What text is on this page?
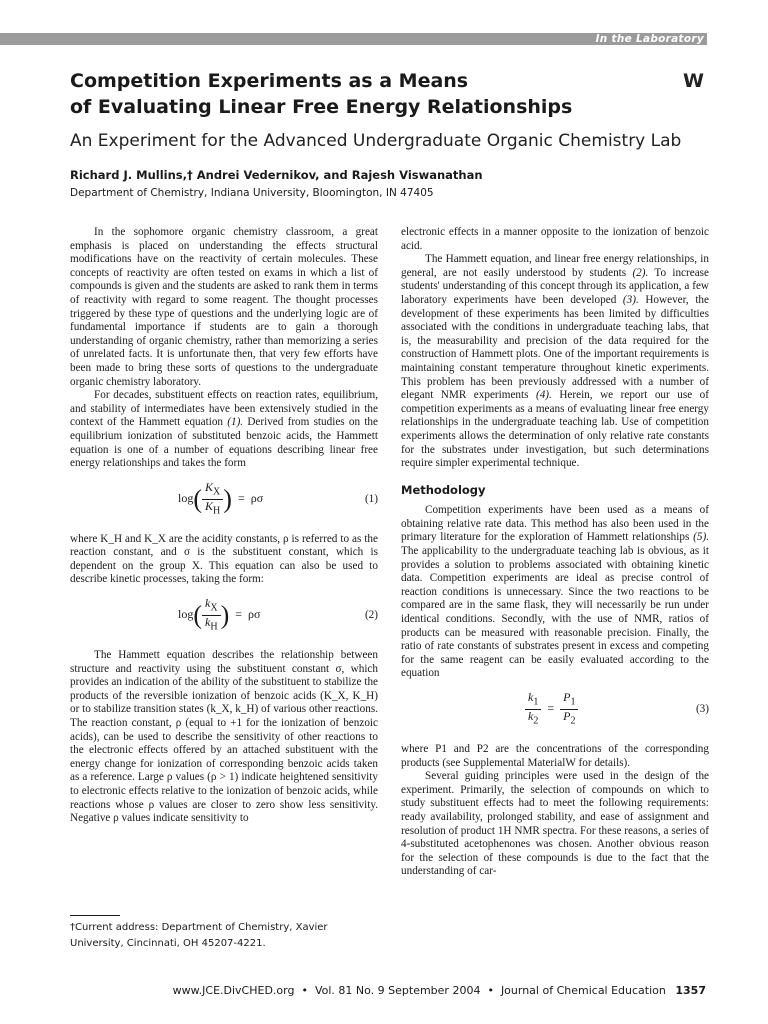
In the Laboratory
Competition Experiments as a Means
of Evaluating Linear Free Energy Relationships
W
An Experiment for the Advanced Undergraduate Organic Chemistry Lab
Richard J. Mullins,† Andrei Vedernikov, and Rajesh Viswanathan
Department of Chemistry, Indiana University, Bloomington, IN 47405

In the sophomore organic chemistry classroom, a great emphasis is placed on understanding the effects structural modifications have on the reactivity of certain molecules. These concepts of reactivity are often tested on exams in which a list of compounds is given and the students are asked to rank them in terms of reactivity with regard to some reagent. The thought processes triggered by these type of questions and the underlying logic are of fundamental importance if students are to gain a thorough understanding of organic chemistry, rather than memorizing a series of unrelated facts. It is unfortunate then, that very few efforts have been made to bring these sorts of questions to the undergraduate organic chemistry laboratory.

For decades, substituent effects on reaction rates, equilibrium, and stability of intermediates have been extensively studied in the context of the Hammett equation (1). Derived from studies on the equilibrium ionization of substituted benzoic acids, the Hammett equation is one of a number of equations describing linear free energy relationships and takes the form

$\log( \frac{K_X}{K_H}$ )  =  ρσ	(1)

where K_H and K_X are the acidity constants, ρ is referred to as the reaction constant, and σ is the substituent constant, which is dependent on the group X. This equation can also be used to describe kinetic processes, taking the form:

$\log( \frac{k_X}{k_H}$ )  =  ρσ	(2)

The Hammett equation describes the relationship between structure and reactivity using the substituent constant σ, which provides an indication of the ability of the substituent to stabilize the products of the reversible ionization of benzoic acids (K_X, K_H) or to stabilize transition states (k_X, k_H) of various other reactions. The reaction constant, ρ (equal to +1 for the ionization of benzoic acids), can be used to describe the sensitivity of other reactions to the electronic effects offered by an attached substituent with the energy change for ionization of corresponding benzoic acids taken as a reference. Large ρ values (ρ > 1) indicate heightened sensitivity to electronic effects relative to the ionization of benzoic acids, while reactions whose ρ values are closer to zero show less sensitivity. Negative ρ values indicate sensitivity to

†Current address: Department of Chemistry, Xavier University, Cincinnati, OH 45207-4221.

electronic effects in a manner opposite to the ionization of benzoic acid.

The Hammett equation, and linear free energy relationships, in general, are not easily understood by students (2). To increase students' understanding of this concept through its application, a few laboratory experiments have been developed (3). However, the development of these experiments has been limited by difficulties associated with the conditions in undergraduate teaching labs, that is, the measurability and precision of the data required for the construction of Hammett plots. One of the important requirements is maintaining constant temperature throughout kinetic experiments. This problem has been previously addressed with a number of elegant NMR experiments (4). Herein, we report our use of competition experiments as a means of evaluating linear free energy relationships in the undergraduate teaching lab. Use of competition experiments allows the determination of only relative rate constants for the substrates under investigation, but such determinations require simpler experimental technique.

Methodology

Competition experiments have been used as a means of obtaining relative rate data. This method has also been used in the primary literature for the exploration of Hammett relationships (5). The applicability to the undergraduate teaching lab is obvious, as it provides a solution to problems associated with obtaining kinetic data. Competition experiments are ideal as precise control of reaction conditions is unnecessary. Since the two reactions to be compared are in the same flask, they will necessarily be run under identical conditions. Secondly, with the use of NMR, ratios of products can be measured with reasonable precision. Finally, the ratio of rate constants of substrates present in excess and competing for the same reagent can be easily evaluated according to the equation

$\frac{k_1}{k_2} = \frac{P_1}{P_2}$	(3)

where P1 and P2 are the concentrations of the corresponding products (see Supplemental MaterialW for details).

Several guiding principles were used in the design of the experiment. Primarily, the selection of compounds on which to study substituent effects had to meet the following requirements: ready availability, prolonged stability, and ease of assignment and resolution of product 1H NMR spectra. For these reasons, a series of 4-substituted acetophenones was chosen. Another obvious reason for the selection of these compounds is due to the fact that the understanding of car-

www.JCE.DivCHED.org  •  Vol. 81 No. 9 September 2004  •  Journal of Chemical Education 1357
